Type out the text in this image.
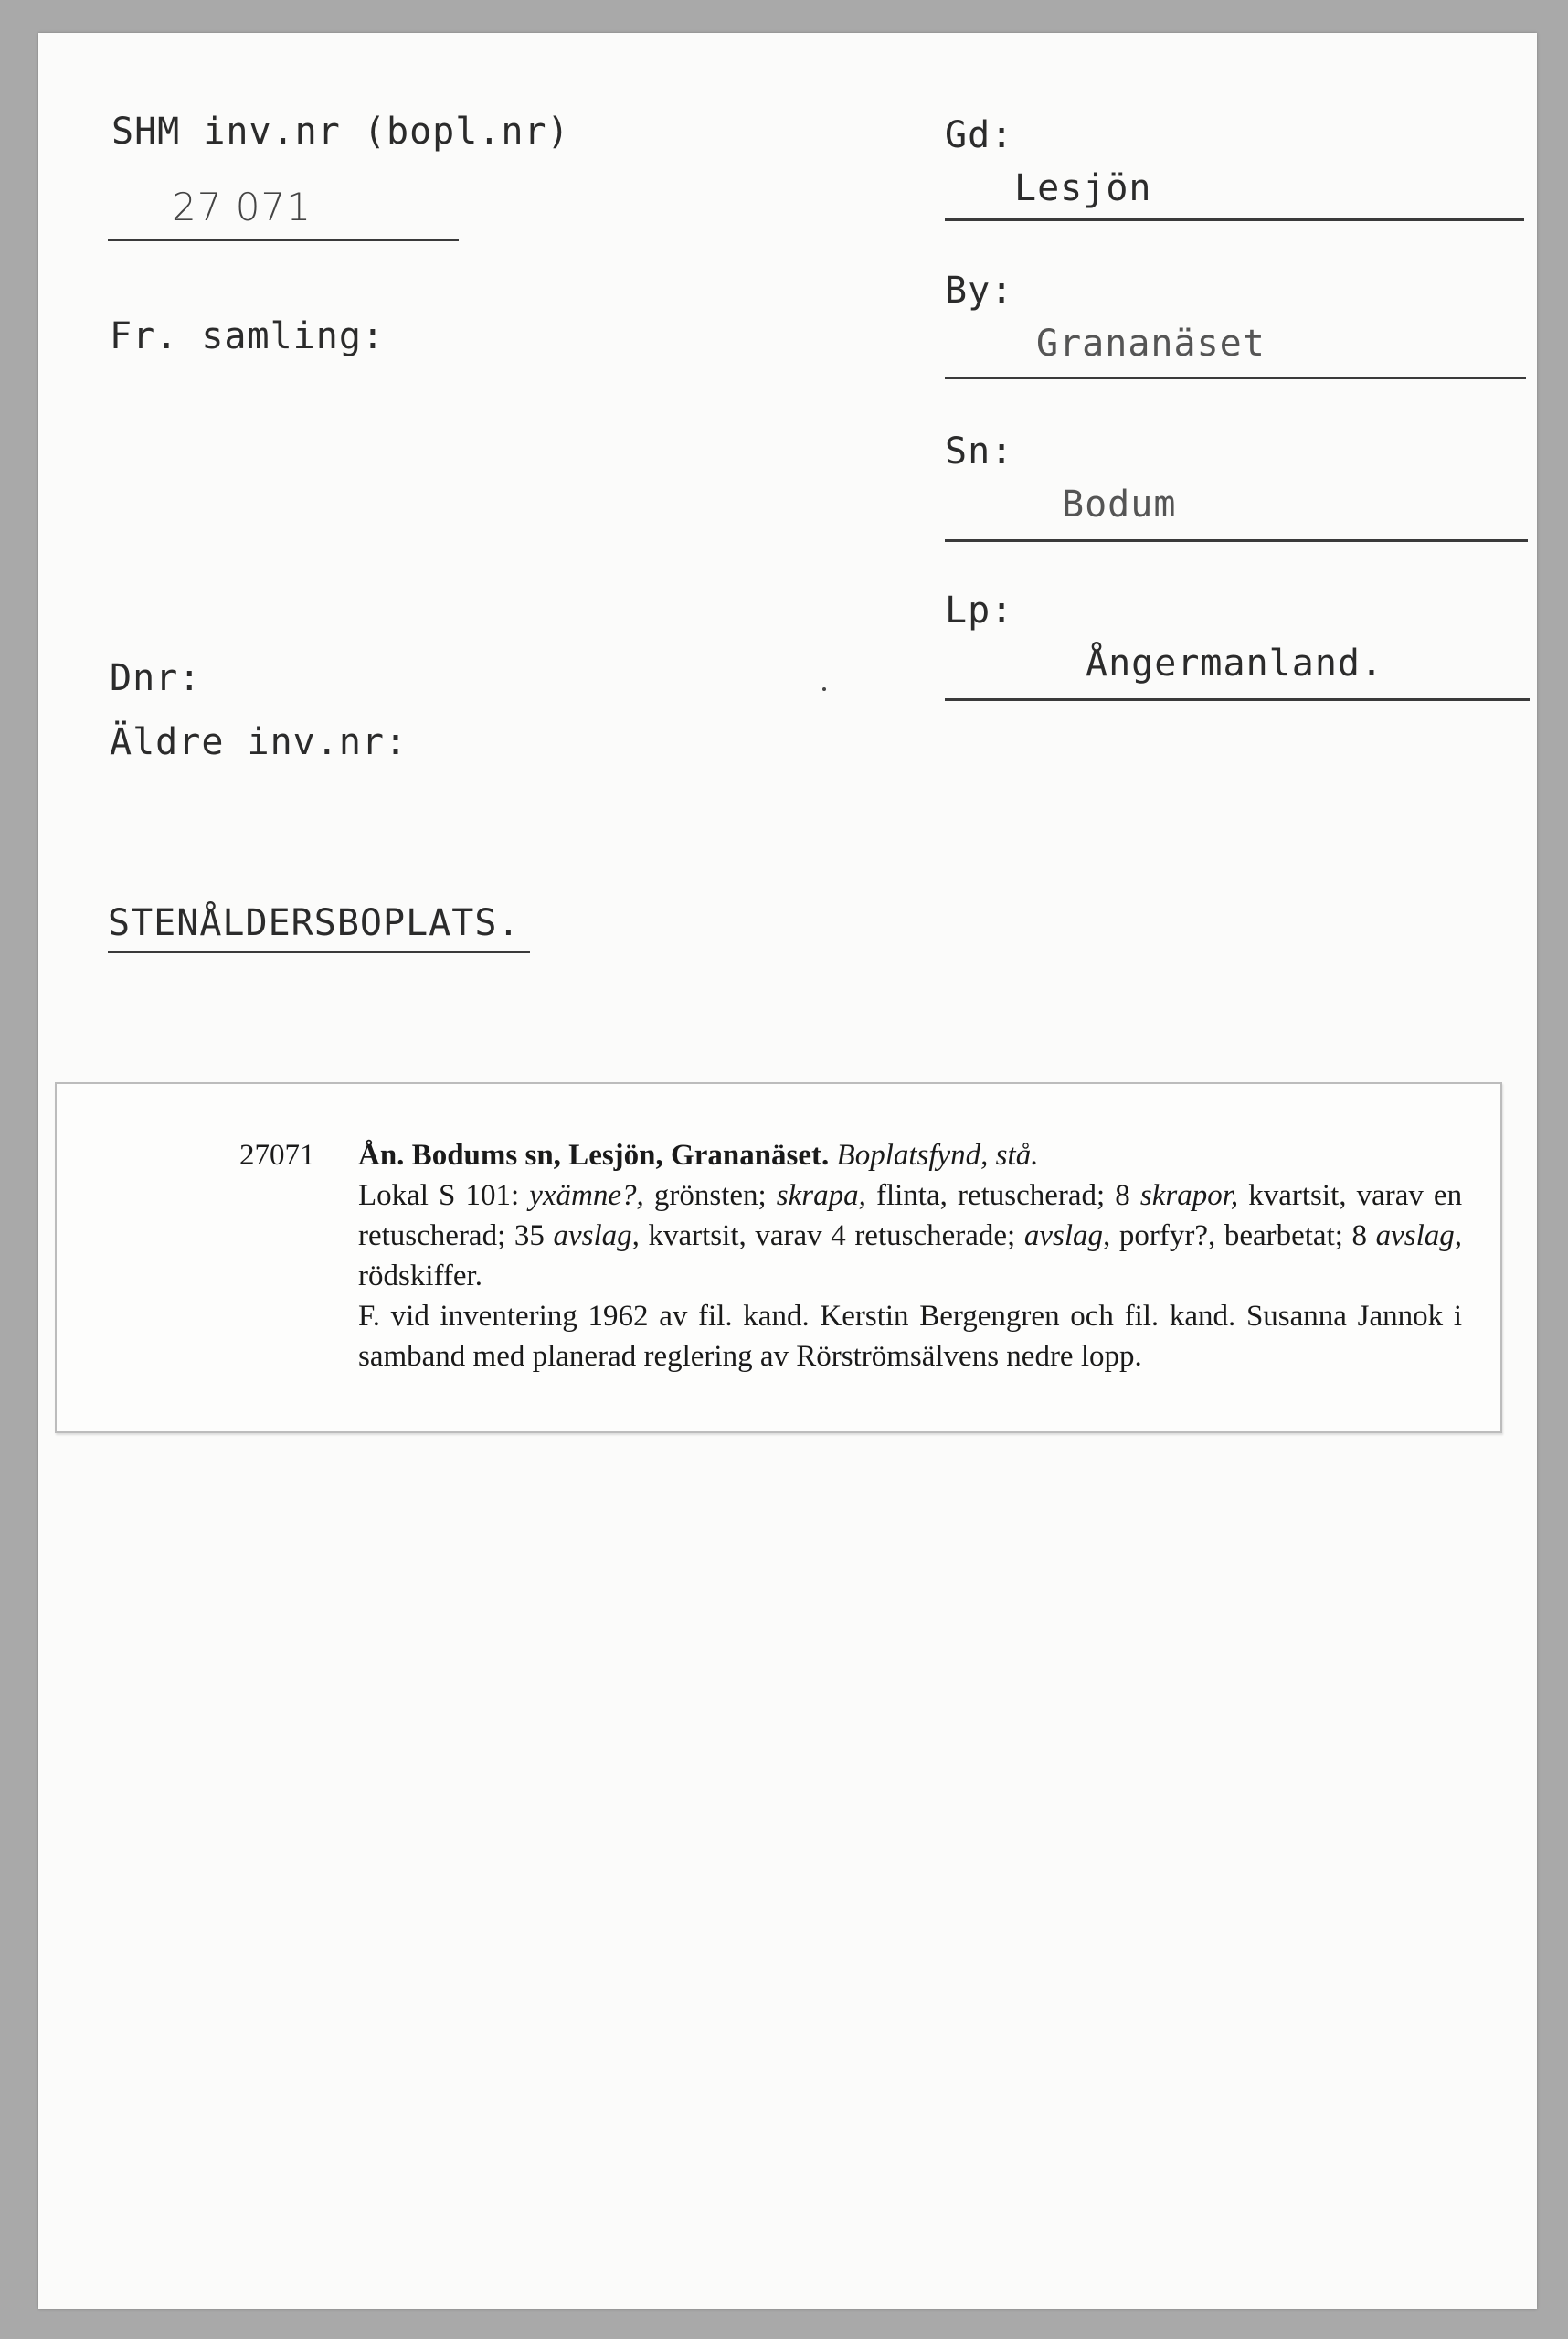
SHM inv.nr (bopl.nr)
27 071
Fr. samling:
Dnr:
Äldre inv.nr:
STENÅLDERSBOPLATS.
Gd:
Lesjön
By:
Grananäset
Sn:
Bodum
Lp:
Ångermanland.
27071 Ån. Bodums sn, Lesjön, Grananäset. Boplatsfynd, stå.

Lokal S 101: yxämne?, grönsten; skrapa, flinta, retuscherad; 8 skrapor, kvartsit, varav en retuscherad; 35 avslag, kvartsit, varav 4 retuscherade; avslag, porfyr?, bearbetat; 8 avslag, rödskiffer.

F. vid inventering 1962 av fil. kand. Kerstin Bergengren och fil. kand. Susanna Jannok i samband med planerad reglering av Rörströmsälvens nedre lopp.
